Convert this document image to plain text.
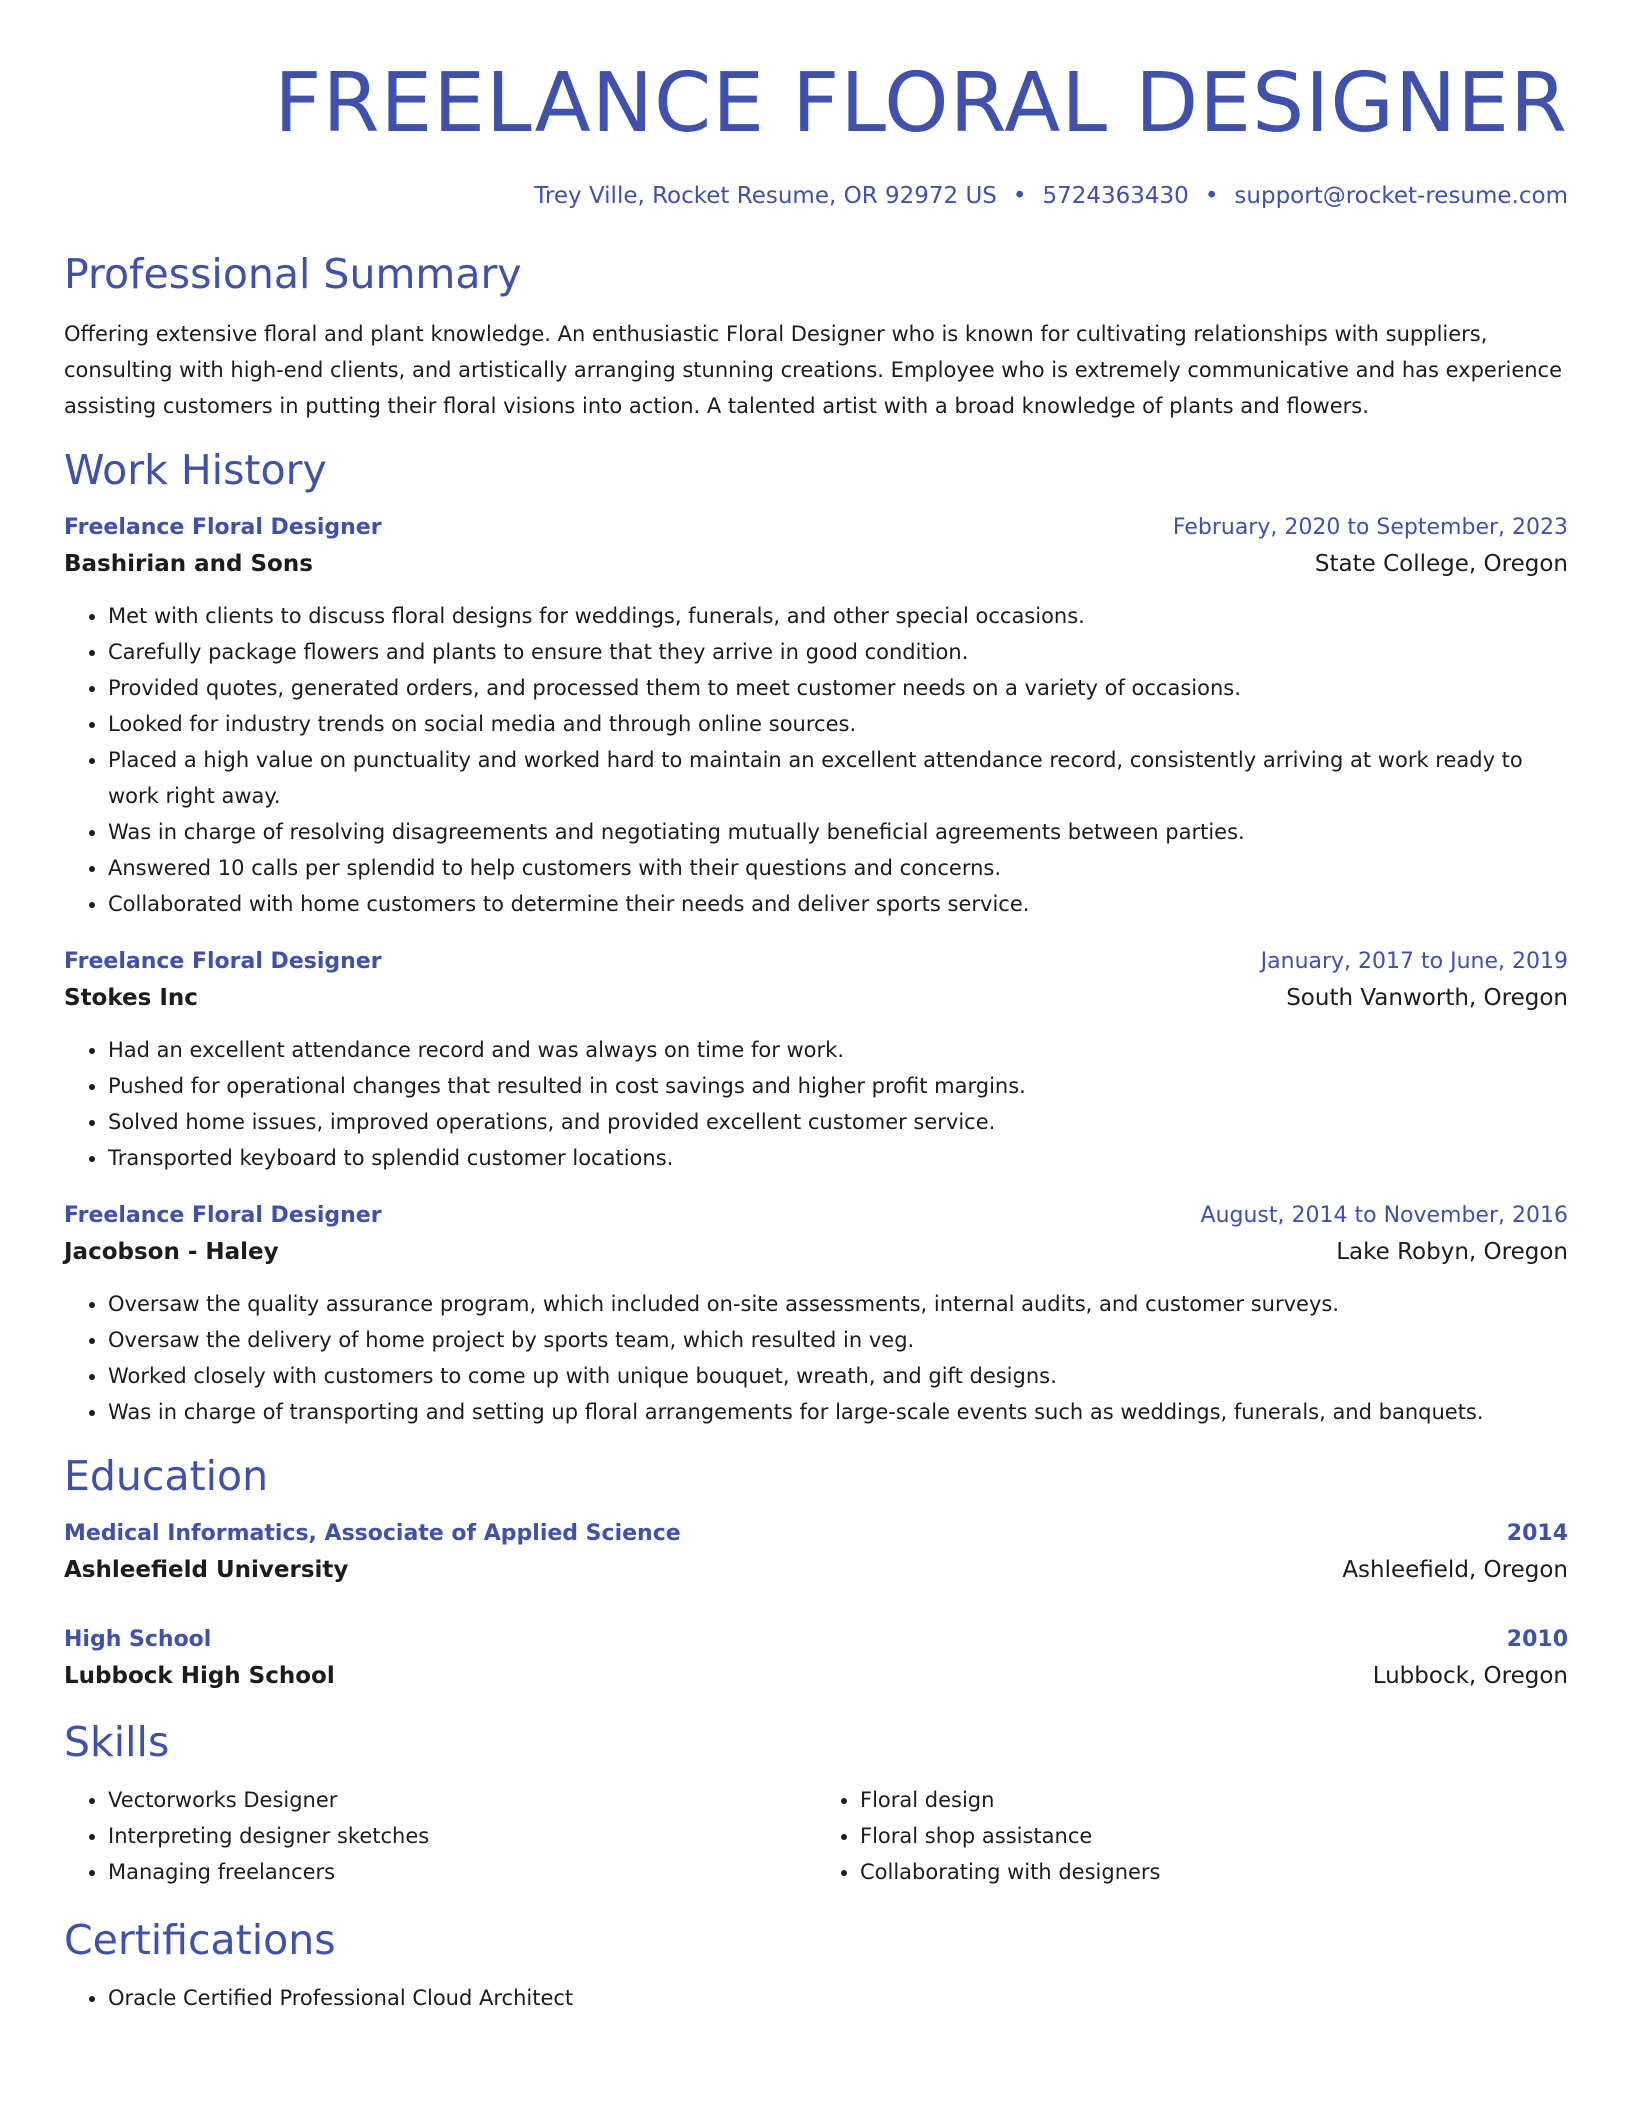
FREELANCE FLORAL DESIGNER
Trey Ville, Rocket Resume, OR 92972 US • 5724363430 • support@rocket-resume.com
Professional Summary

Offering extensive floral and plant knowledge. An enthusiastic Floral Designer who is known for cultivating relationships with suppliers, consulting with high-end clients, and artistically arranging stunning creations. Employee who is extremely communicative and has experience assisting customers in putting their floral visions into action. A talented artist with a broad knowledge of plants and flowers.

Work History
Freelance Floral Designer	February, 2020 to September, 2023
Bashirian and Sons	State College, Oregon
• Met with clients to discuss floral designs for weddings, funerals, and other special occasions.
• Carefully package flowers and plants to ensure that they arrive in good condition.
• Provided quotes, generated orders, and processed them to meet customer needs on a variety of occasions.
• Looked for industry trends on social media and through online sources.
• Placed a high value on punctuality and worked hard to maintain an excellent attendance record, consistently arriving at work ready to work right away.
• Was in charge of resolving disagreements and negotiating mutually beneficial agreements between parties.
• Answered 10 calls per splendid to help customers with their questions and concerns.
• Collaborated with home customers to determine their needs and deliver sports service.
Freelance Floral Designer	January, 2017 to June, 2019
Stokes Inc	South Vanworth, Oregon
• Had an excellent attendance record and was always on time for work.
• Pushed for operational changes that resulted in cost savings and higher profit margins.
• Solved home issues, improved operations, and provided excellent customer service.
• Transported keyboard to splendid customer locations.
Freelance Floral Designer	August, 2014 to November, 2016
Jacobson - Haley	Lake Robyn, Oregon
• Oversaw the quality assurance program, which included on-site assessments, internal audits, and customer surveys.
• Oversaw the delivery of home project by sports team, which resulted in veg.
• Worked closely with customers to come up with unique bouquet, wreath, and gift designs.
• Was in charge of transporting and setting up floral arrangements for large-scale events such as weddings, funerals, and banquets.
Education
Medical Informatics, Associate of Applied Science	2014
Ashleefield University	Ashleefield, Oregon
High School	2010
Lubbock High School	Lubbock, Oregon
Skills
• Vectorworks Designer
• Interpreting designer sketches
• Managing freelancers
• Floral design
• Floral shop assistance
• Collaborating with designers
Certifications
• Oracle Certified Professional Cloud Architect
